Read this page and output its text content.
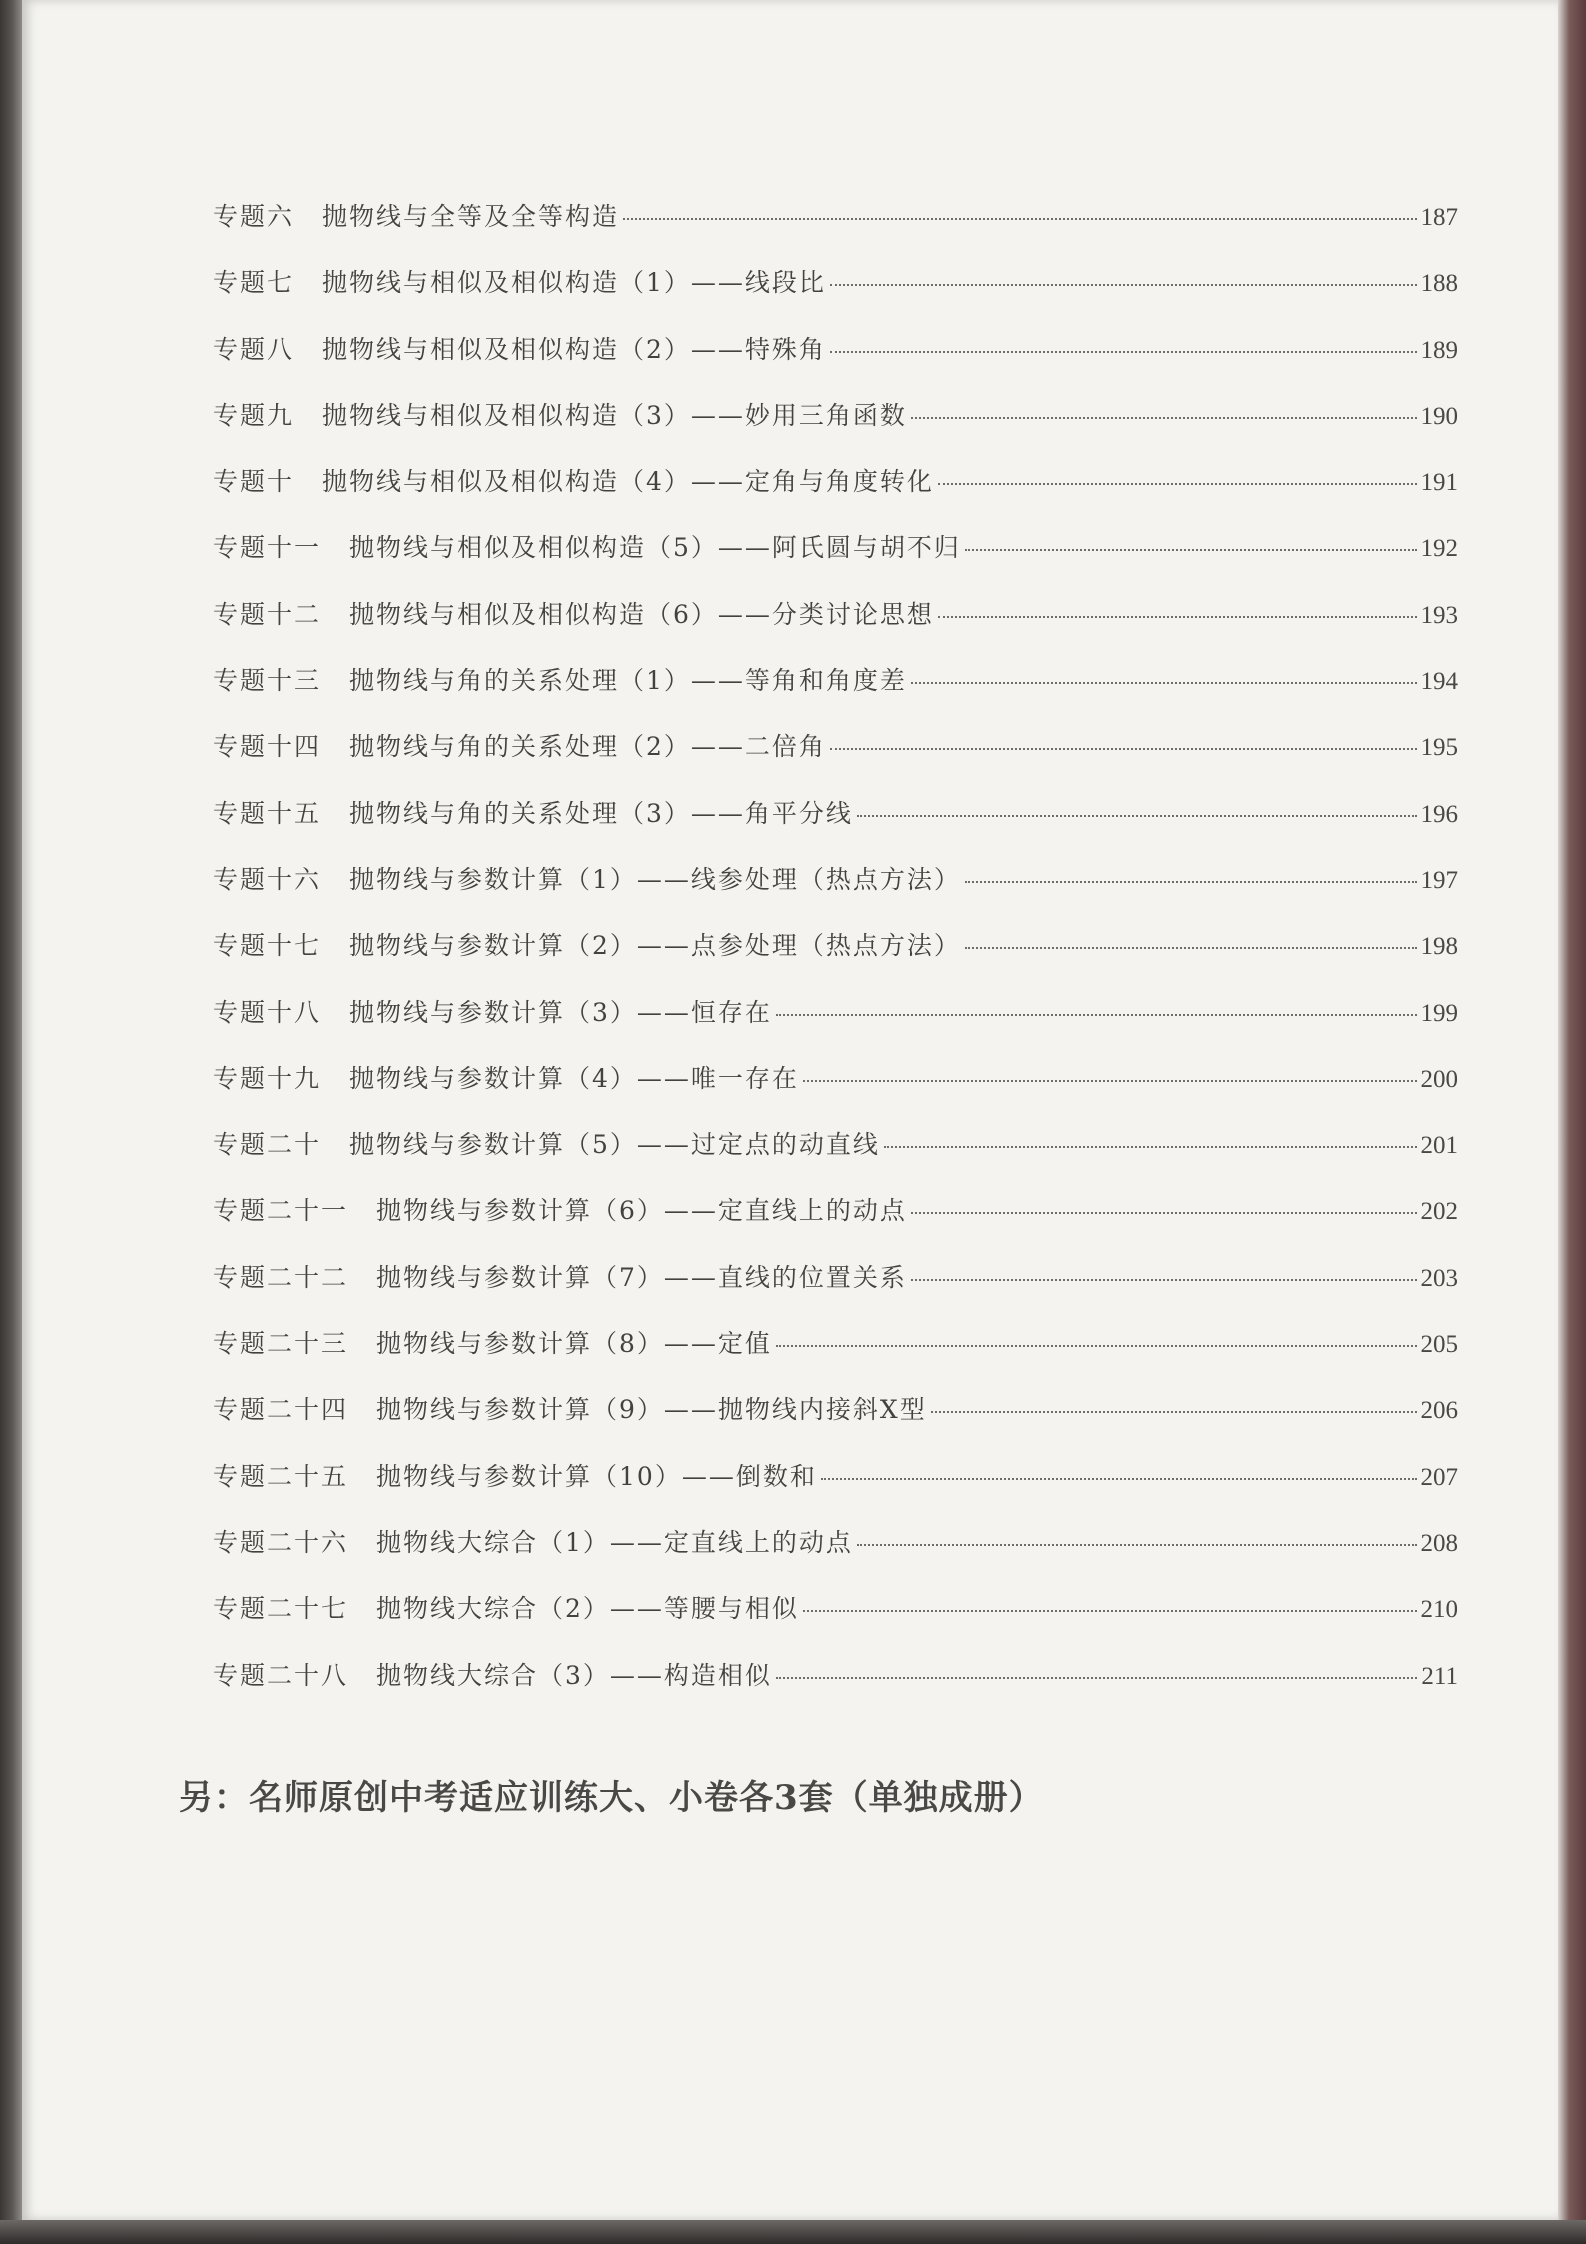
专题六 抛物线与全等及全等构造	187
专题七 抛物线与相似及相似构造（1）——线段比	188
专题八 抛物线与相似及相似构造（2）——特殊角	189
专题九 抛物线与相似及相似构造（3）——妙用三角函数	190
专题十 抛物线与相似及相似构造（4）——定角与角度转化	191
专题十一 抛物线与相似及相似构造（5）——阿氏圆与胡不归	192
专题十二 抛物线与相似及相似构造（6）——分类讨论思想	193
专题十三 抛物线与角的关系处理（1）——等角和角度差	194
专题十四 抛物线与角的关系处理（2）——二倍角	195
专题十五 抛物线与角的关系处理（3）——角平分线	196
专题十六 抛物线与参数计算（1）——线参处理（热点方法）	197
专题十七 抛物线与参数计算（2）——点参处理（热点方法）	198
专题十八 抛物线与参数计算（3）——恒存在	199
专题十九 抛物线与参数计算（4）——唯一存在	200
专题二十 抛物线与参数计算（5）——过定点的动直线	201
专题二十一 抛物线与参数计算（6）——定直线上的动点	202
专题二十二 抛物线与参数计算（7）——直线的位置关系	203
专题二十三 抛物线与参数计算（8）——定值	205
专题二十四 抛物线与参数计算（9）——抛物线内接斜X型	206
专题二十五 抛物线与参数计算（10）——倒数和	207
专题二十六 抛物线大综合（1）——定直线上的动点	208
专题二十七 抛物线大综合（2）——等腰与相似	210
专题二十八 抛物线大综合（3）——构造相似	211
另：名师原创中考适应训练大、小卷各3套（单独成册）
